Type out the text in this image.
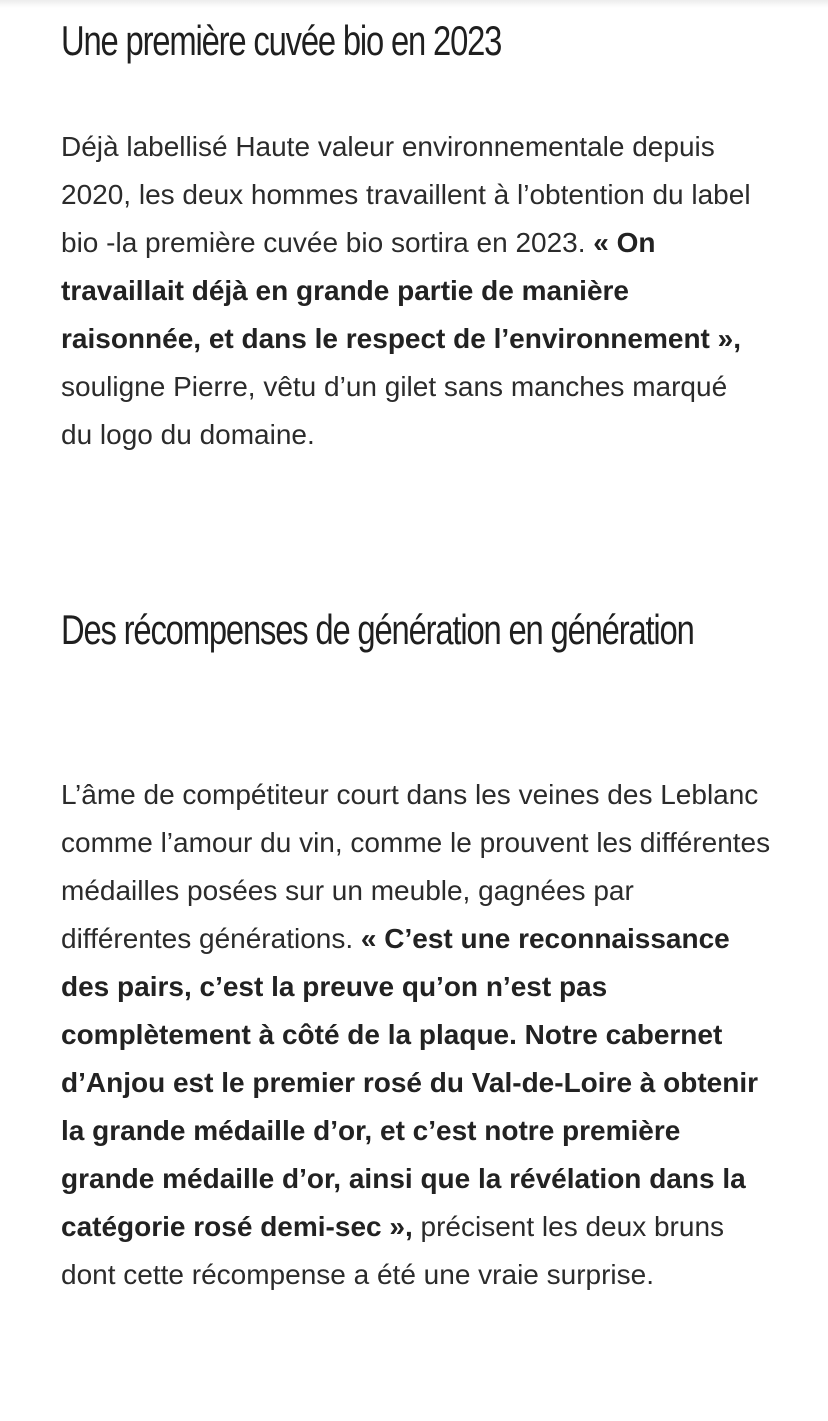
Une première cuvée bio en 2023

Déjà labellisé Haute valeur environnementale depuis 2020, les deux hommes travaillent à l’obtention du label bio -la première cuvée bio sortira en 2023. « On travaillait déjà en grande partie de manière raisonnée, et dans le respect de l’environnement », souligne Pierre, vêtu d’un gilet sans manches marqué du logo du domaine.

Des récompenses de génération en génération

L’âme de compétiteur court dans les veines des Leblanc comme l’amour du vin, comme le prouvent les différentes médailles posées sur un meuble, gagnées par différentes générations. « C’est une reconnaissance des pairs, c’est la preuve qu’on n’est pas complètement à côté de la plaque. Notre cabernet d’Anjou est le premier rosé du Val-de-Loire à obtenir la grande médaille d’or, et c’est notre première grande médaille d’or, ainsi que la révélation dans la catégorie rosé demi-sec », précisent les deux bruns dont cette récompense a été une vraie surprise.
